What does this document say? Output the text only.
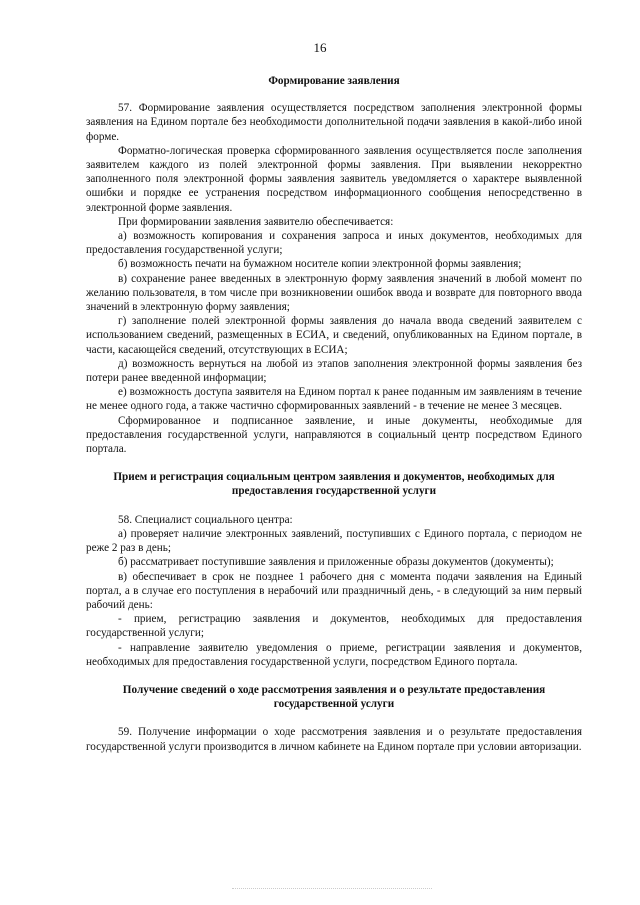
16

Формирование заявления

57. Формирование заявления осуществляется посредством заполнения электронной формы заявления на Едином портале без необходимости дополнительной подачи заявления в какой-либо иной форме.

Форматно-логическая проверка сформированного заявления осуществляется после заполнения заявителем каждого из полей электронной формы заявления. При выявлении некорректно заполненного поля электронной формы заявления заявитель уведомляется о характере выявленной ошибки и порядке ее устранения посредством информационного сообщения непосредственно в электронной форме заявления.

При формировании заявления заявителю обеспечивается:

а) возможность копирования и сохранения запроса и иных документов, необходимых для предоставления государственной услуги;

б) возможность печати на бумажном носителе копии электронной формы заявления;

в) сохранение ранее введенных в электронную форму заявления значений в любой момент по желанию пользователя, в том числе при возникновении ошибок ввода и возврате для повторного ввода значений в электронную форму заявления;

г) заполнение полей электронной формы заявления до начала ввода сведений заявителем с использованием сведений, размещенных в ЕСИА, и сведений, опубликованных на Едином портале, в части, касающейся сведений, отсутствующих в ЕСИА;

д) возможность вернуться на любой из этапов заполнения электронной формы заявления без потери ранее введенной информации;

е) возможность доступа заявителя на Едином портал к ранее поданным им заявлениям в течение не менее одного года, а также частично сформированных заявлений - в течение не менее 3 месяцев.

Сформированное и подписанное заявление, и иные документы, необходимые для предоставления государственной услуги, направляются в социальный центр посредством Единого портала.

Прием и регистрация социальным центром заявления и документов, необходимых для предоставления государственной услуги

58. Специалист социального центра:

а) проверяет наличие электронных заявлений, поступивших с Единого портала, с периодом не реже 2 раз в день;

б) рассматривает поступившие заявления и приложенные образы документов (документы);

в) обеспечивает в срок не позднее 1 рабочего дня с момента подачи заявления на Единый портал, а в случае его поступления в нерабочий или праздничный день, - в следующий за ним первый рабочий день:

- прием, регистрацию заявления и документов, необходимых для предоставления государственной услуги;

- направление заявителю уведомления о приеме, регистрации заявления и документов, необходимых для предоставления государственной услуги, посредством Единого портала.

Получение сведений о ходе рассмотрения заявления и о результате предоставления государственной услуги

59. Получение информации о ходе рассмотрения заявления и о результате предоставления государственной услуги производится в личном кабинете на Едином портале при условии авторизации.
